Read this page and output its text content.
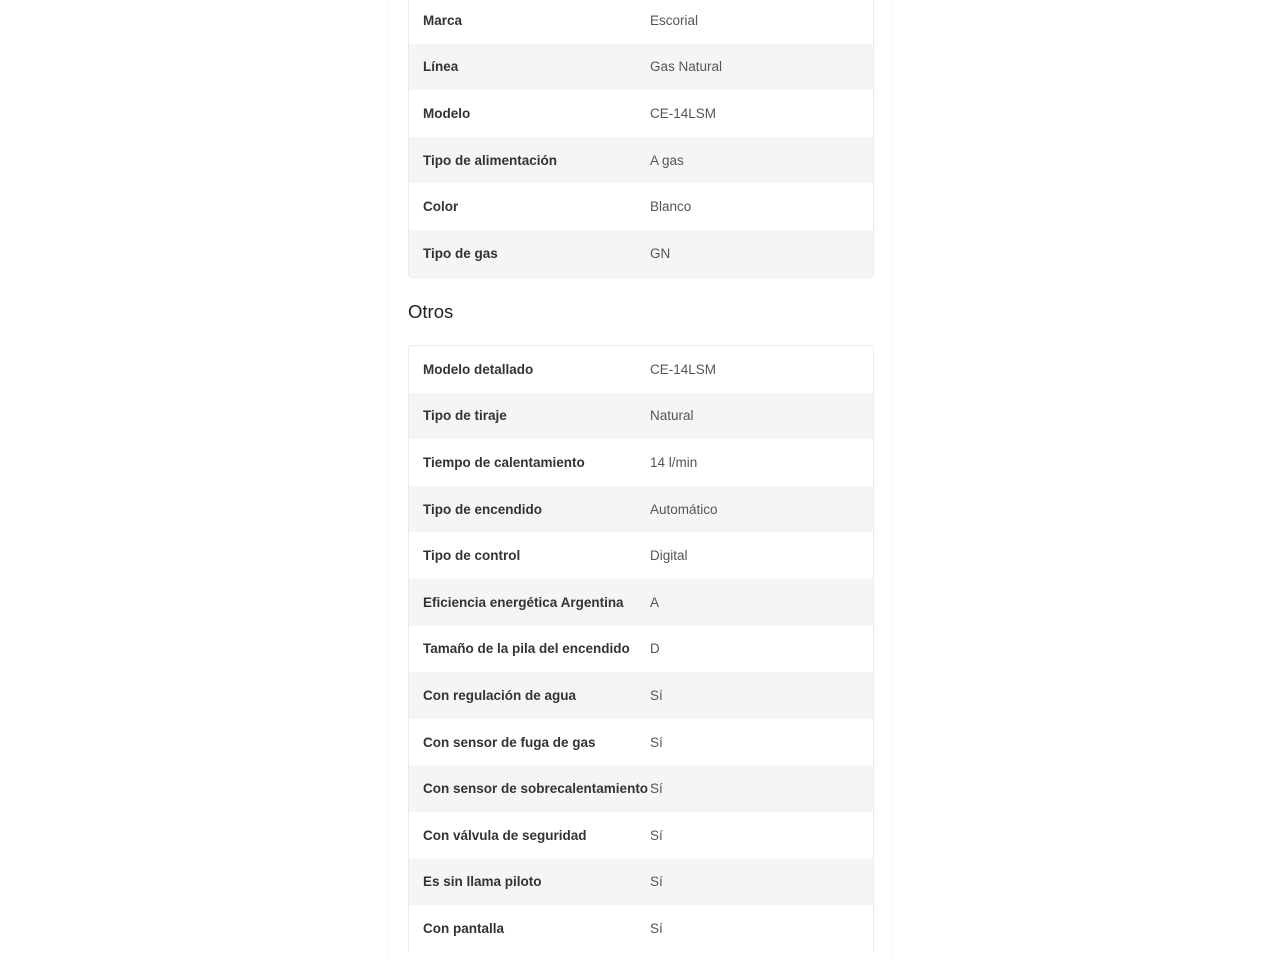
Marca	Escorial
Línea	Gas Natural
Modelo	CE-14LSM
Tipo de alimentación	A gas
Color	Blanco
Tipo de gas	GN
Otros
Modelo detallado	CE-14LSM
Tipo de tiraje	Natural
Tiempo de calentamiento	14 l/min
Tipo de encendido	Automático
Tipo de control	Digital
Eficiencia energética Argentina	A
Tamaño de la pila del encendido	D
Con regulación de agua	Sí
Con sensor de fuga de gas	Sí
Con sensor de sobrecalentamiento Sí
Con válvula de seguridad	Sí
Es sin llama piloto	Sí
Con pantalla	Sí
